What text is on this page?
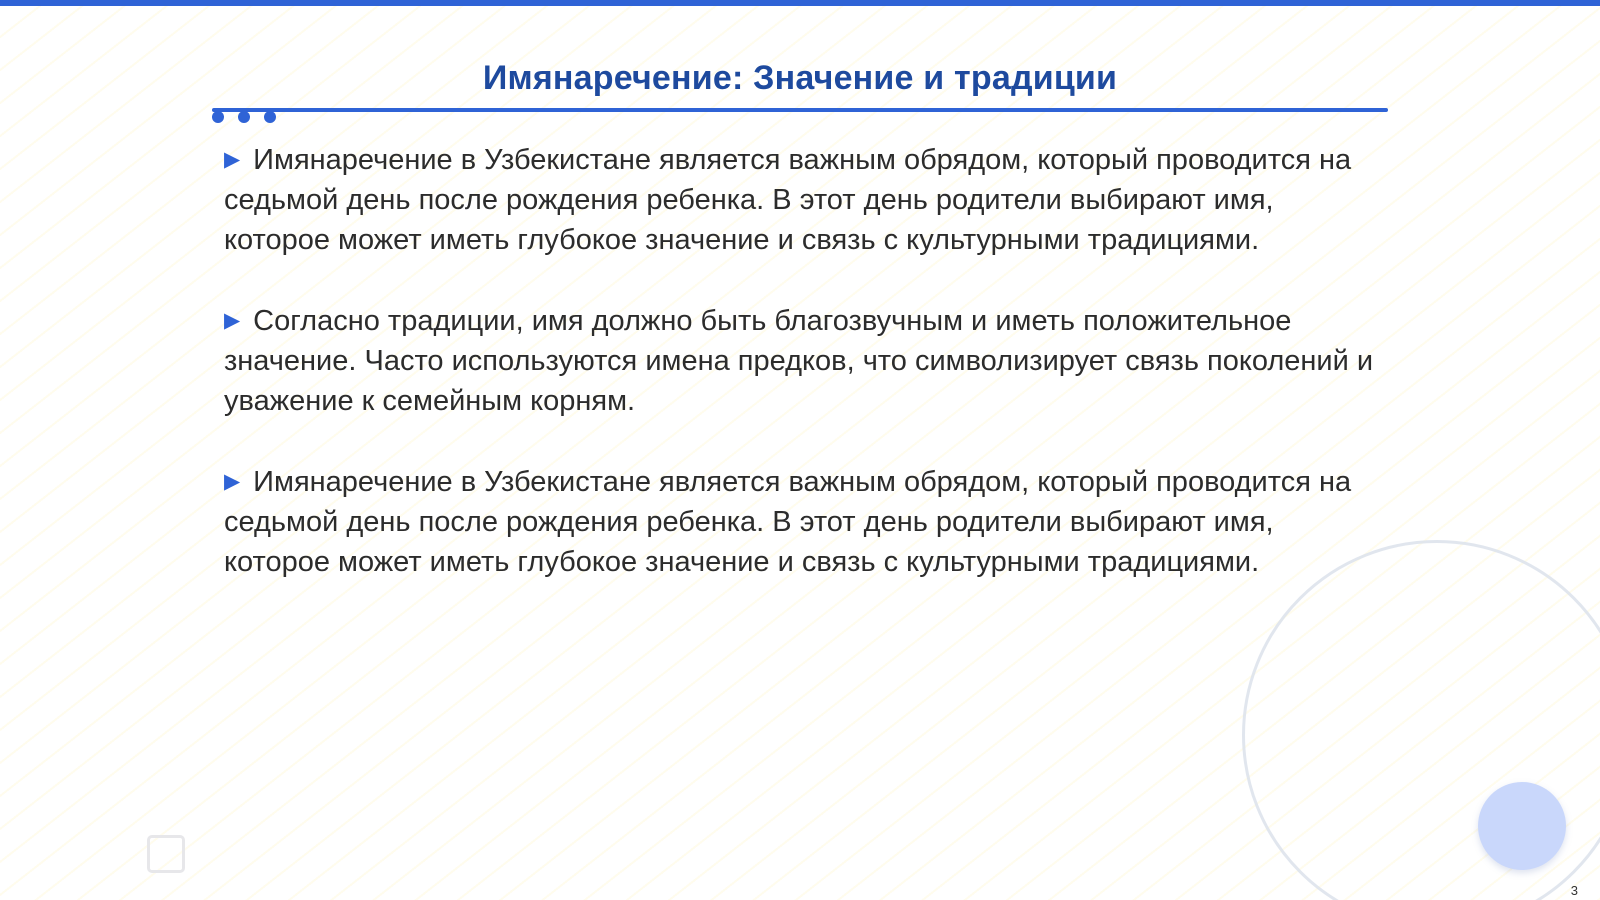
Имянаречение: Значение и традиции

▶ Имянаречение в Узбекистане является важным обрядом, который проводится на седьмой день после рождения ребенка. В этот день родители выбирают имя, которое может иметь глубокое значение и связь с культурными традициями.

▶ Согласно традиции, имя должно быть благозвучным и иметь положительное значение. Часто используются имена предков, что символизирует связь поколений и уважение к семейным корням.

▶ Имянаречение в Узбекистане является важным обрядом, который проводится на седьмой день после рождения ребенка. В этот день родители выбирают имя, которое может иметь глубокое значение и связь с культурными традициями.

3
